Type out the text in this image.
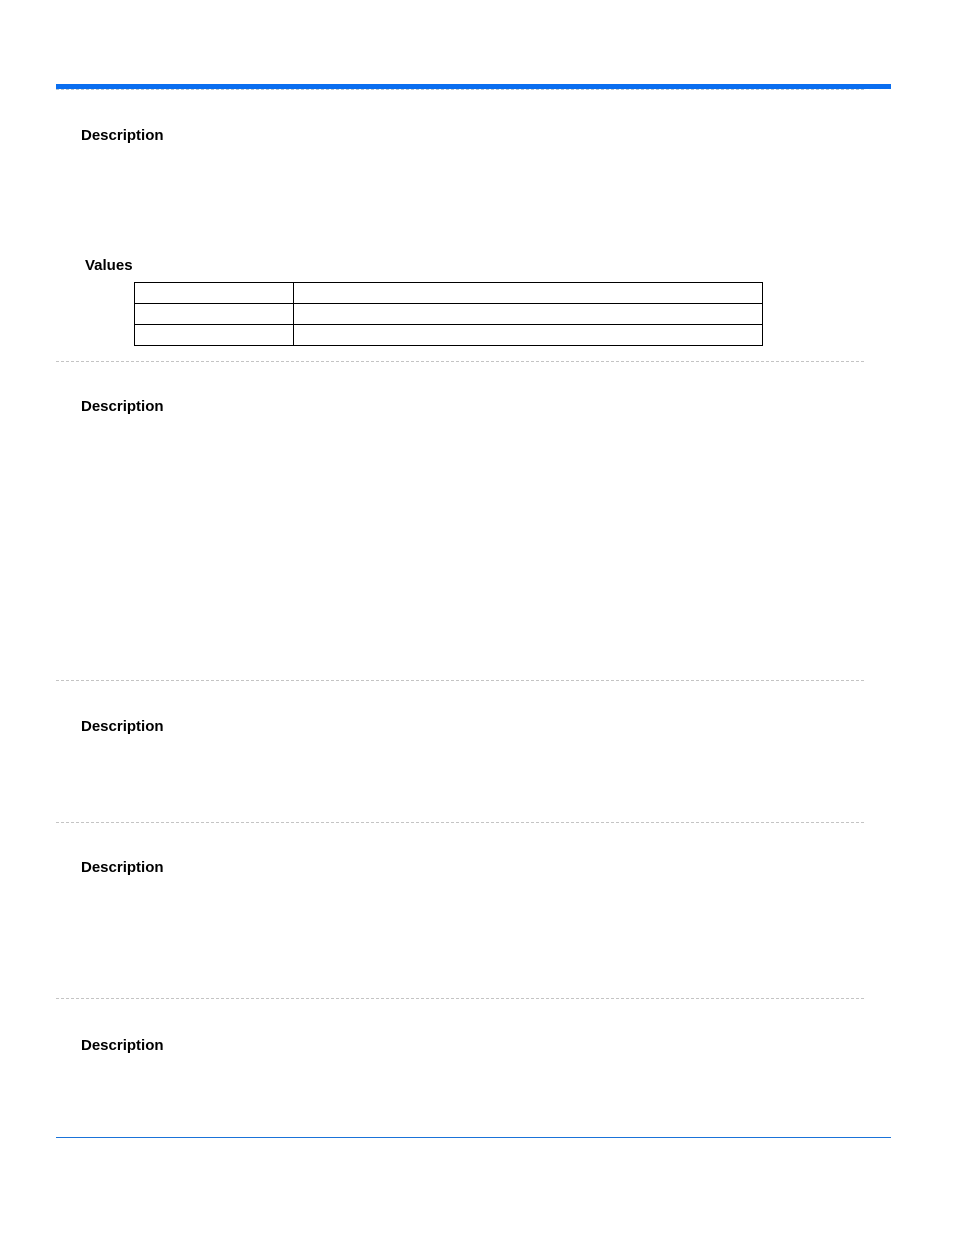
Description
Values

Description
Description
Description
Description
